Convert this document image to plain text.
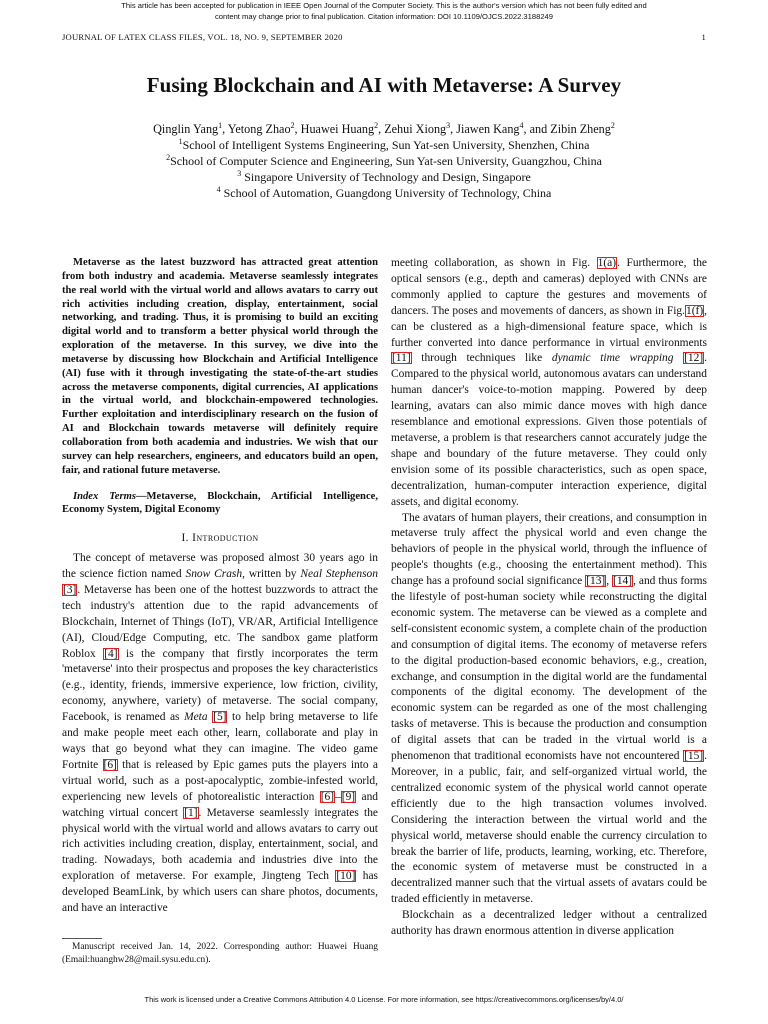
This article has been accepted for publication in IEEE Open Journal of the Computer Society. This is the author's version which has not been fully edited and
content may change prior to final publication. Citation information: DOI 10.1109/OJCS.2022.3188249
JOURNAL OF LATEX CLASS FILES, VOL. 18, NO. 9, SEPTEMBER 2020	1
Fusing Blockchain and AI with Metaverse: A Survey
Qinglin Yang$^1$, Yetong Zhao$^2$, Huawei Huang$^2$, Zehui Xiong$^3$, Jiawen Kang$^4$, and Zibin Zheng$^2$
$^1$School of Intelligent Systems Engineering, Sun Yat-sen University, Shenzhen, China
$^2$School of Computer Science and Engineering, Sun Yat-sen University, Guangzhou, China
$^3$ Singapore University of Technology and Design, Singapore
$^4$ School of Automation, Guangdong University of Technology, China

Metaverse as the latest buzzword has attracted great attention from both industry and academia. Metaverse seamlessly integrates the real world with the virtual world and allows avatars to carry out rich activities including creation, display, entertainment, social networking, and trading. Thus, it is promising to build an exciting digital world and to transform a better physical world through the exploration of the metaverse. In this survey, we dive into the metaverse by discussing how Blockchain and Artificial Intelligence (AI) fuse with it through investigating the state-of-the-art studies across the metaverse components, digital currencies, AI applications in the virtual world, and blockchain-empowered technologies. Further exploitation and interdisciplinary research on the fusion of AI and Blockchain towards metaverse will definitely require collaboration from both academia and industries. We wish that our survey can help researchers, engineers, and educators build an open, fair, and rational future metaverse.

Index Terms—Metaverse, Blockchain, Artificial Intelligence, Economy System, Digital Economy

I. Introduction

The concept of metaverse was proposed almost 30 years ago in the science fiction named Snow Crash, written by Neal Stephenson [3]. Metaverse has been one of the hottest buzzwords to attract the tech industry's attention due to the rapid advancements of Blockchain, Internet of Things (IoT), VR/AR, Artificial Intelligence (AI), Cloud/Edge Computing, etc. The sandbox game platform Roblox [4] is the company that firstly incorporates the term 'metaverse' into their prospectus and proposes the key characteristics (e.g., identity, friends, immersive experience, low friction, civility, economy, anywhere, variety) of metaverse. The social company, Facebook, is renamed as Meta [5] to help bring metaverse to life and make people meet each other, learn, collaborate and play in ways that go beyond what they can imagine. The video game Fortnite [6] that is released by Epic games puts the players into a virtual world, such as a post-apocalyptic, zombie-infested world, experiencing new levels of photorealistic interaction [6]–[9] and watching virtual concert [1]. Metaverse seamlessly integrates the physical world with the virtual world and allows avatars to carry out rich activities including creation, display, entertainment, social, and trading. Nowadays, both academia and industries dive into the exploration of metaverse. For example, Jingteng Tech [10] has developed BeamLink, by which users can share photos, documents, and have an interactive

Manuscript received Jan. 14, 2022. Corresponding author: Huawei Huang (Email:huanghw28@mail.sysu.edu.cn).

meeting collaboration, as shown in Fig. 1(a). Furthermore, the optical sensors (e.g., depth and cameras) deployed with CNNs are commonly applied to capture the gestures and movements of dancers. The poses and movements of dancers, as shown in Fig.1(f), can be clustered as a high-dimensional feature space, which is further converted into dance performance in virtual environments [11] through techniques like dynamic time wrapping [12]. Compared to the physical world, autonomous avatars can understand human dancer's voice-to-motion mapping. Powered by deep learning, avatars can also mimic dance moves with high dance resemblance and emotional expressions. Given those potentials of metaverse, a problem is that researchers cannot accurately judge the shape and boundary of the future metaverse. They could only envision some of its possible characteristics, such as open space, decentralization, human-computer interaction experience, digital assets, and digital economy.

The avatars of human players, their creations, and consumption in metaverse truly affect the physical world and even change the behaviors of people in the physical world, through the influence of people's thoughts (e.g., choosing the entertainment method). This change has a profound social significance [13], [14], and thus forms the lifestyle of post-human society while reconstructing the digital economic system. The metaverse can be viewed as a complete and self-consistent economic system, a complete chain of the production and consumption of digital items. The economy of metaverse refers to the digital production-based economic behaviors, e.g., creation, exchange, and consumption in the digital world are the fundamental components of the digital economy. The development of the economic system can be regarded as one of the most challenging tasks of metaverse. This is because the production and consumption of digital assets that can be traded in the virtual world is a phenomenon that traditional economists have not encountered [15]. Moreover, in a public, fair, and self-organized virtual world, the centralized economic system of the physical world cannot operate efficiently due to the high transaction volumes involved. Considering the interaction between the virtual world and the physical world, metaverse should enable the currency circulation to break the barrier of life, products, learning, working, etc. Therefore, the economic system of metaverse must be constructed in a decentralized manner such that the virtual assets of avatars could be traded efficiently in metaverse.

Blockchain as a decentralized ledger without a centralized authority has drawn enormous attention in diverse application

This work is licensed under a Creative Commons Attribution 4.0 License. For more information, see https://creativecommons.org/licenses/by/4.0/
